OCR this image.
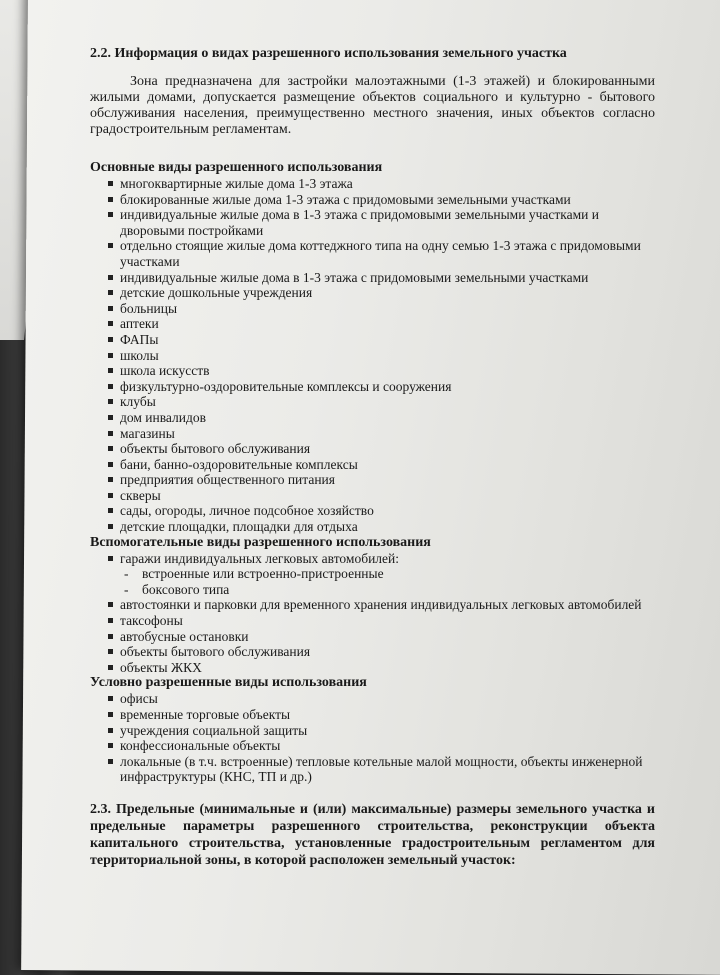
2.2. Информация о видах разрешенного использования земельного участка

Зона предназначена для застройки малоэтажными (1-3 этажей) и блокированными жилыми домами, допускается размещение объектов социального и культурно - бытового обслуживания населения, преимущественно местного значения, иных объектов согласно градостроительным регламентам.

Основные виды разрешенного использования

многоквартирные жилые дома 1-3 этажа
блокированные жилые дома 1-3 этажа с придомовыми земельными участками
индивидуальные жилые дома в 1-3 этажа с придомовыми земельными участками и дворовыми постройками
отдельно стоящие жилые дома коттеджного типа на одну семью 1-3 этажа с придомовыми участками
индивидуальные жилые дома в 1-3 этажа с придомовыми земельными участками
детские дошкольные учреждения
больницы
аптеки
ФАПы
школы
школа искусств
физкультурно-оздоровительные комплексы и сооружения
клубы
дом инвалидов
магазины
объекты бытового обслуживания
бани, банно-оздоровительные комплексы
предприятия общественного питания
скверы
сады, огороды, личное подсобное хозяйство
детские площадки, площадки для отдыха

Вспомогательные виды разрешенного использования

гаражи индивидуальных легковых автомобилей:
- встроенные или встроенно-пристроенные
- боксового типа
автостоянки и парковки для временного хранения индивидуальных легковых автомобилей
таксофоны
автобусные остановки
объекты бытового обслуживания
объекты ЖКХ

Условно разрешенные виды использования

офисы
временные торговые объекты
учреждения социальной защиты
конфессиональные объекты
локальные (в т.ч. встроенные) тепловые котельные малой мощности, объекты инженерной инфраструктуры (КНС, ТП и др.)

2.3. Предельные (минимальные и (или) максимальные) размеры земельного участка и предельные параметры разрешенного строительства, реконструкции объекта капитального строительства, установленные градостроительным регламентом для территориальной зоны, в которой расположен земельный участок:
